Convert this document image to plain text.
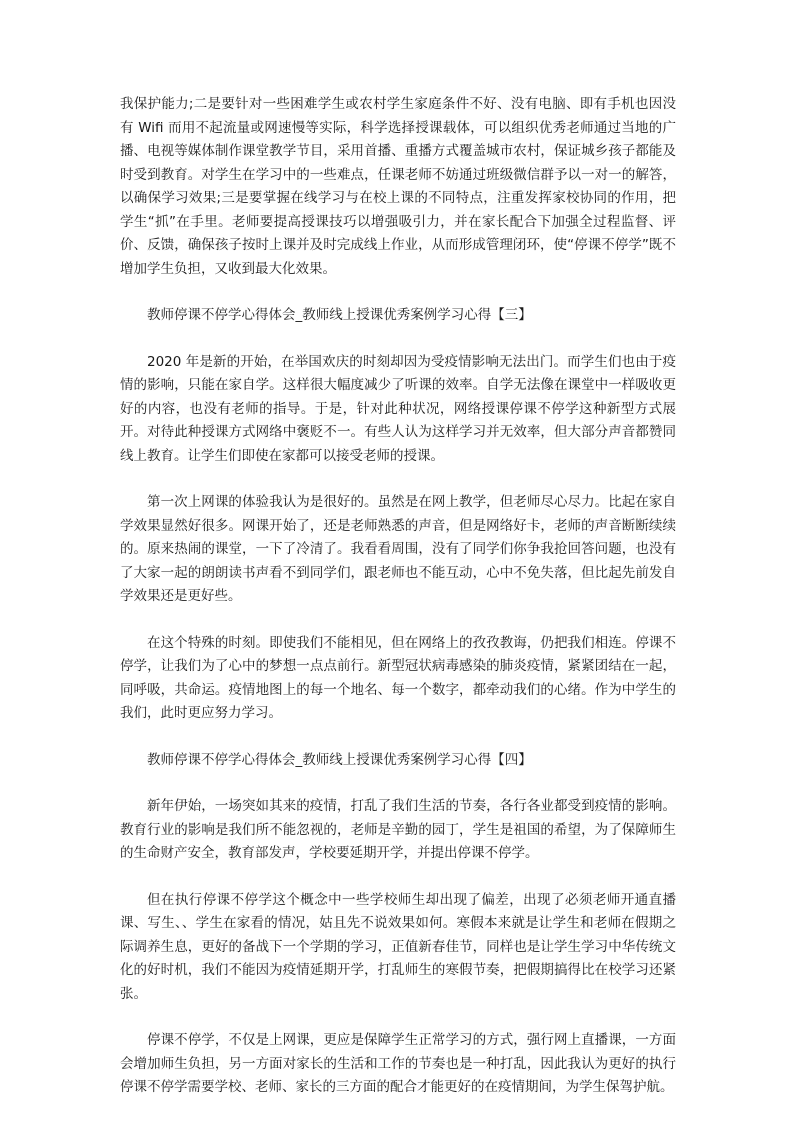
我保护能力;二是要针对一些困难学生或农村学生家庭条件不好、没有电脑、即有手机也因没有 Wifi 而用不起流量或网速慢等实际，科学选择授课载体，可以组织优秀老师通过当地的广播、电视等媒体制作课堂教学节目，采用首播、重播方式覆盖城市农村，保证城乡孩子都能及时受到教育。对学生在学习中的一些难点，任课老师不妨通过班级微信群予以一对一的解答，以确保学习效果;三是要掌握在线学习与在校上课的不同特点，注重发挥家校协同的作用，把学生“抓”在手里。老师要提高授课技巧以增强吸引力，并在家长配合下加强全过程监督、评价、反馈，确保孩子按时上课并及时完成线上作业，从而形成管理闭环，使“停课不停学”既不增加学生负担，又收到最大化效果。

教师停课不停学心得体会_教师线上授课优秀案例学习心得【三】

2020 年是新的开始，在举国欢庆的时刻却因为受疫情影响无法出门。而学生们也由于疫情的影响，只能在家自学。这样很大幅度减少了听课的效率。自学无法像在课堂中一样吸收更好的内容，也没有老师的指导。于是，针对此种状况，网络授课停课不停学这种新型方式展开。对待此种授课方式网络中褒贬不一。有些人认为这样学习并无效率，但大部分声音都赞同线上教育。让学生们即使在家都可以接受老师的授课。

第一次上网课的体验我认为是很好的。虽然是在网上教学，但老师尽心尽力。比起在家自学效果显然好很多。网课开始了，还是老师熟悉的声音，但是网络好卡，老师的声音断断续续的。原来热闹的课堂，一下了冷清了。我看看周围，没有了同学们你争我抢回答问题，也没有了大家一起的朗朗读书声看不到同学们，跟老师也不能互动，心中不免失落，但比起先前发自学效果还是更好些。

在这个特殊的时刻。即使我们不能相见，但在网络上的孜孜教诲，仍把我们相连。停课不停学，让我们为了心中的梦想一点点前行。新型冠状病毒感染的肺炎疫情，紧紧团结在一起，同呼吸，共命运。疫情地图上的每一个地名、每一个数字，都牵动我们的心绪。作为中学生的我们，此时更应努力学习。

教师停课不停学心得体会_教师线上授课优秀案例学习心得【四】

新年伊始，一场突如其来的疫情，打乱了我们生活的节奏，各行各业都受到疫情的影响。教育行业的影响是我们所不能忽视的，老师是辛勤的园丁，学生是祖国的希望，为了保障师生的生命财产安全，教育部发声，学校要延期开学，并提出停课不停学。

但在执行停课不停学这个概念中一些学校师生却出现了偏差，出现了必须老师开通直播课、写生、、学生在家看的情况，姑且先不说效果如何。寒假本来就是让学生和老师在假期之际调养生息，更好的备战下一个学期的学习，正值新春佳节，同样也是让学生学习中华传统文化的好时机，我们不能因为疫情延期开学，打乱师生的寒假节奏，把假期搞得比在校学习还紧张。

停课不停学，不仅是上网课，更应是保障学生正常学习的方式，强行网上直播课，一方面会增加师生负担，另一方面对家长的生活和工作的节奏也是一种打乱，因此我认为更好的执行停课不停学需要学校、老师、家长的三方面的配合才能更好的在疫情期间，为学生保驾护航。
